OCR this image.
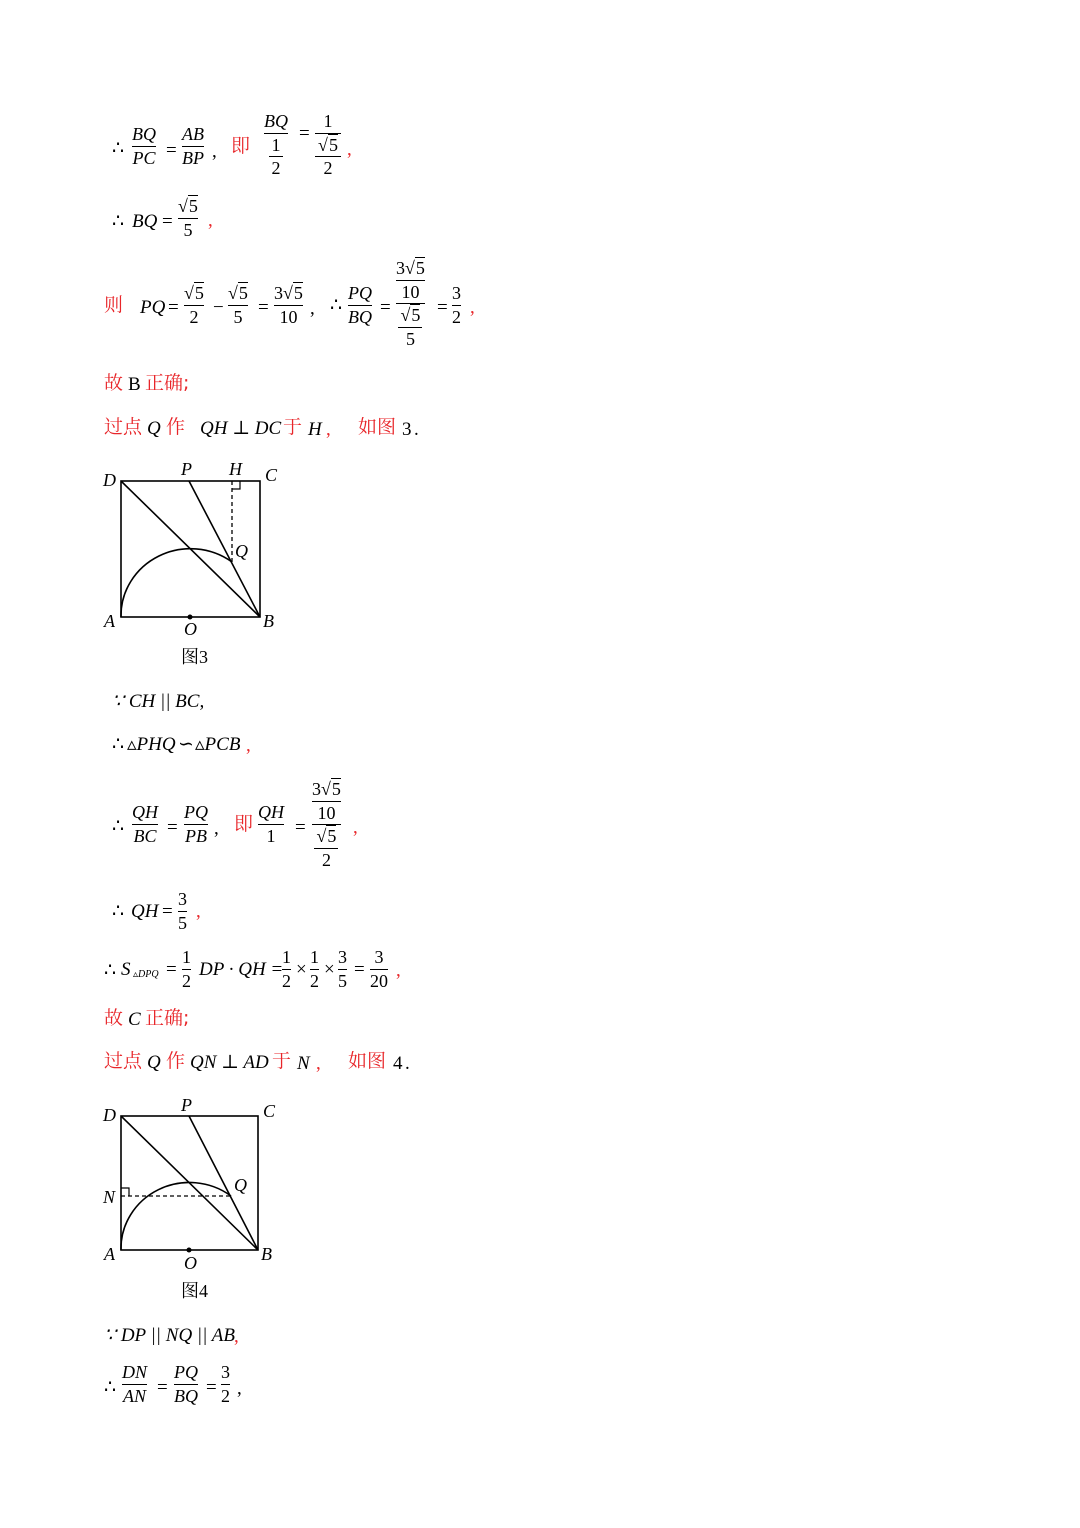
∴
BQ
PC =
AB
BP , 即
BQ
$\frac{1}{2}$
=
1
$\frac{√5}{2}$ ,
∴ BQ =
√5
5 ,
则 PQ =
√5
2 −
√5
5 =
3√5
10 , ∴
PQ
BQ =
3√5
10
√5
5
=
3
2 ,
故 B 正确;
过点 Q 作 QH ⊥ DC 于 H , 如图 3 .
D
P H C
Q
A	O	B
图3
∵ CH || BC,
∴ ▵PHQ ∽ ▵PCB ,
∴
QH
BC =
PQ
PB , 即
QH
1 =
3√5
10
√5
2
,
∴ QH =
3
5
,
∴ S ▵DPQ =
1
2
DP · QH =
1
2
×
1
2
×
3
5
=
3
20 ,
故 C 正确;
过点 Q 作 QN ⊥ AD 于 N , 如图 4 .
D	P	C
N
Q
A	O	B
图4
∵ DP || NQ || AB ,
∴
DN
AN =
PQ
BQ =
3
2 ,
